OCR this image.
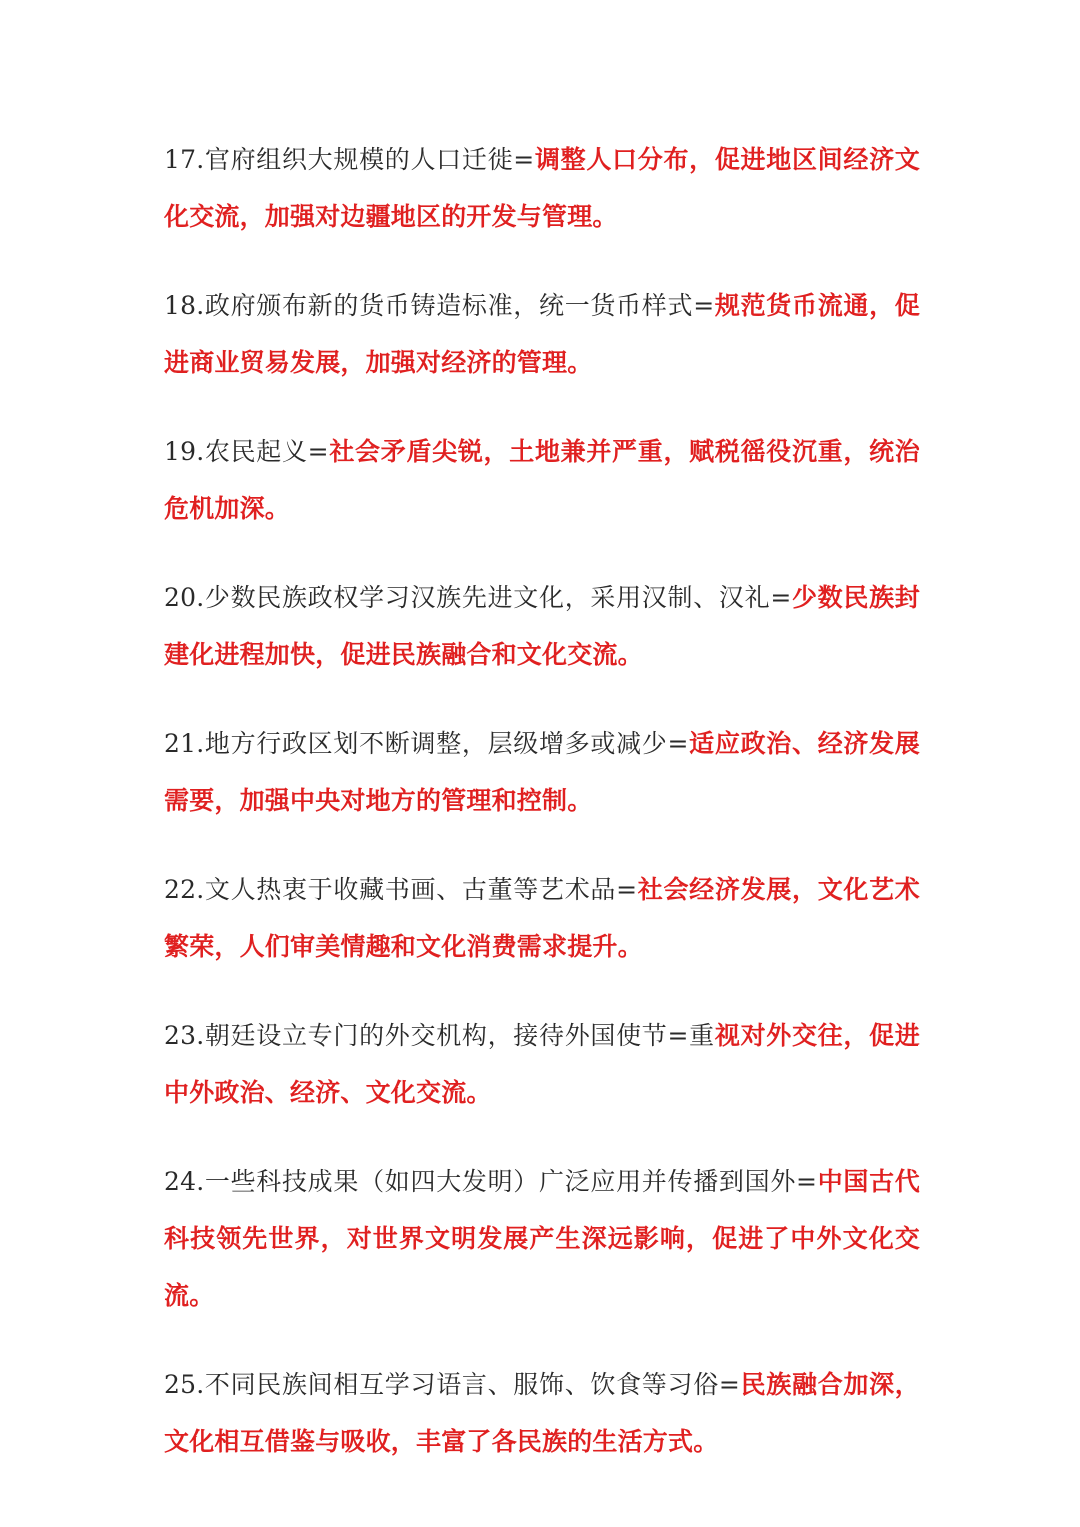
17.官府组织大规模的人口迁徙=调整人口分布，促进地区间经济文化交流，加强对边疆地区的开发与管理。

18.政府颁布新的货币铸造标准，统一货币样式=规范货币流通，促进商业贸易发展，加强对经济的管理。

19.农民起义=社会矛盾尖锐，土地兼并严重，赋税徭役沉重，统治危机加深。

20.少数民族政权学习汉族先进文化，采用汉制、汉礼=少数民族封建化进程加快，促进民族融合和文化交流。

21.地方行政区划不断调整，层级增多或减少=适应政治、经济发展需要，加强中央对地方的管理和控制。

22.文人热衷于收藏书画、古董等艺术品=社会经济发展，文化艺术繁荣，人们审美情趣和文化消费需求提升。

23.朝廷设立专门的外交机构，接待外国使节=重视对外交往，促进中外政治、经济、文化交流。

24.一些科技成果（如四大发明）广泛应用并传播到国外=中国古代科技领先世界，对世界文明发展产生深远影响，促进了中外文化交流。

25.不同民族间相互学习语言、服饰、饮食等习俗=民族融合加深，文化相互借鉴与吸收，丰富了各民族的生活方式。
